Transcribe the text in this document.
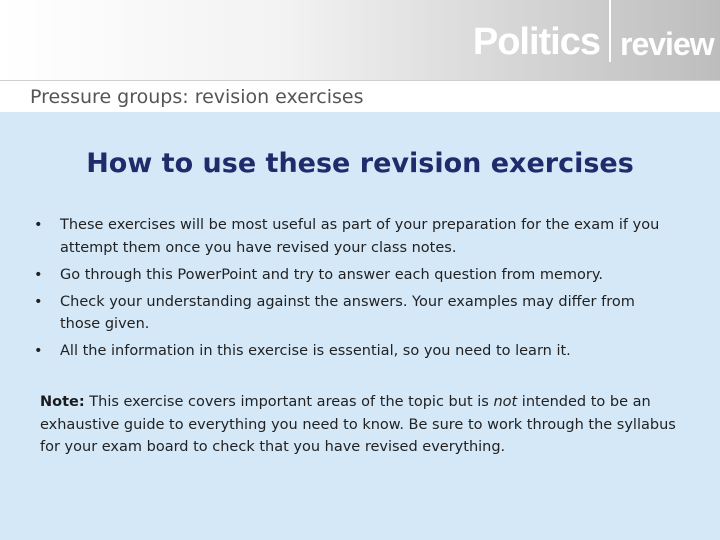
Politics review
Pressure groups: revision exercises
How to use these revision exercises
• These exercises will be most useful as part of your preparation for the exam if you attempt them once you have revised your class notes.
• Go through this PowerPoint and try to answer each question from memory.
• Check your understanding against the answers. Your examples may differ from those given.
• All the information in this exercise is essential, so you need to learn it.
Note: This exercise covers important areas of the topic but is not intended to be an exhaustive guide to everything you need to know. Be sure to work through the syllabus for your exam board to check that you have revised everything.
